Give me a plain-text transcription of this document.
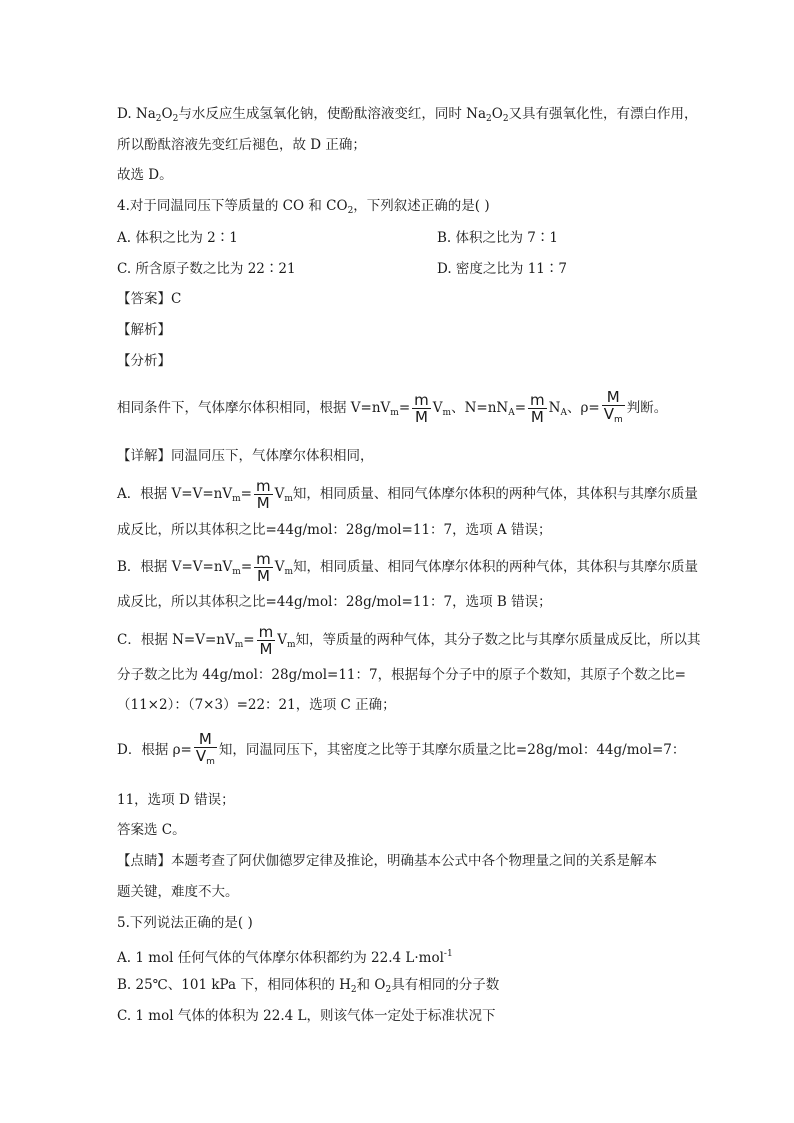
D. $Na_2O_2$与水反应生成氢氧化钠，使酚酞溶液变红，同时 $Na_2O_2$又具有强氧化性，有漂白作用，
所以酚酞溶液先变红后褪色，故 D 正确；
故选 D。
4.对于同温同压下等质量的 CO 和 $CO_2$，下列叙述正确的是( )
A. 体积之比为 2∶1	B. 体积之比为 7∶1
C. 所含原子数之比为 22∶21	D. 密度之比为 11∶7
【答案】C
【解析】
【分析】
相同条件下，气体摩尔体积相同，根据 $V=nV_m= \frac{m}{M} V_m$、$N=nN_A= \frac{m}{M} N_A$、$\rho= \frac{M}{V_m}$ 判断。
【详解】同温同压下，气体摩尔体积相同，
A．根据 $V=V=nV_m= \frac{m}{M} V_m$知，相同质量、相同气体摩尔体积的两种气体，其体积与其摩尔质量
成反比，所以其体积之比=44g/mol：28g/mol=11：7，选项 A 错误；
B．根据 $V=V=nV_m= \frac{m}{M} V_m$知，相同质量、相同气体摩尔体积的两种气体，其体积与其摩尔质量
成反比，所以其体积之比=44g/mol：28g/mol=11：7，选项 B 错误；
C．根据 $N=V=nV_m= \frac{m}{M} V_m$知，等质量的两种气体，其分子数之比与其摩尔质量成反比，所以其
分子数之比为 44g/mol：28g/mol=11：7，根据每个分子中的原子个数知，其原子个数之比=
（11×2）：（7×3）=22：21，选项 C 正确；
D．根据 $\rho= \frac{M}{V_m}$ 知，同温同压下，其密度之比等于其摩尔质量之比=28g/mol：44g/mol=7：
11，选项 D 错误；
答案选 C。
【点睛】本题考查了阿伏伽德罗定律及推论，明确基本公式中各个物理量之间的关系是解本
题关键，难度不大。
5.下列说法正确的是( )
A. 1 mol 任何气体的气体摩尔体积都约为 22.4 L·mol$^{-1}$
B. 25℃、101 kPa 下，相同体积的 $H_2$和 $O_2$具有相同的分子数
C. 1 mol 气体的体积为 22.4 L，则该气体一定处于标准状况下
